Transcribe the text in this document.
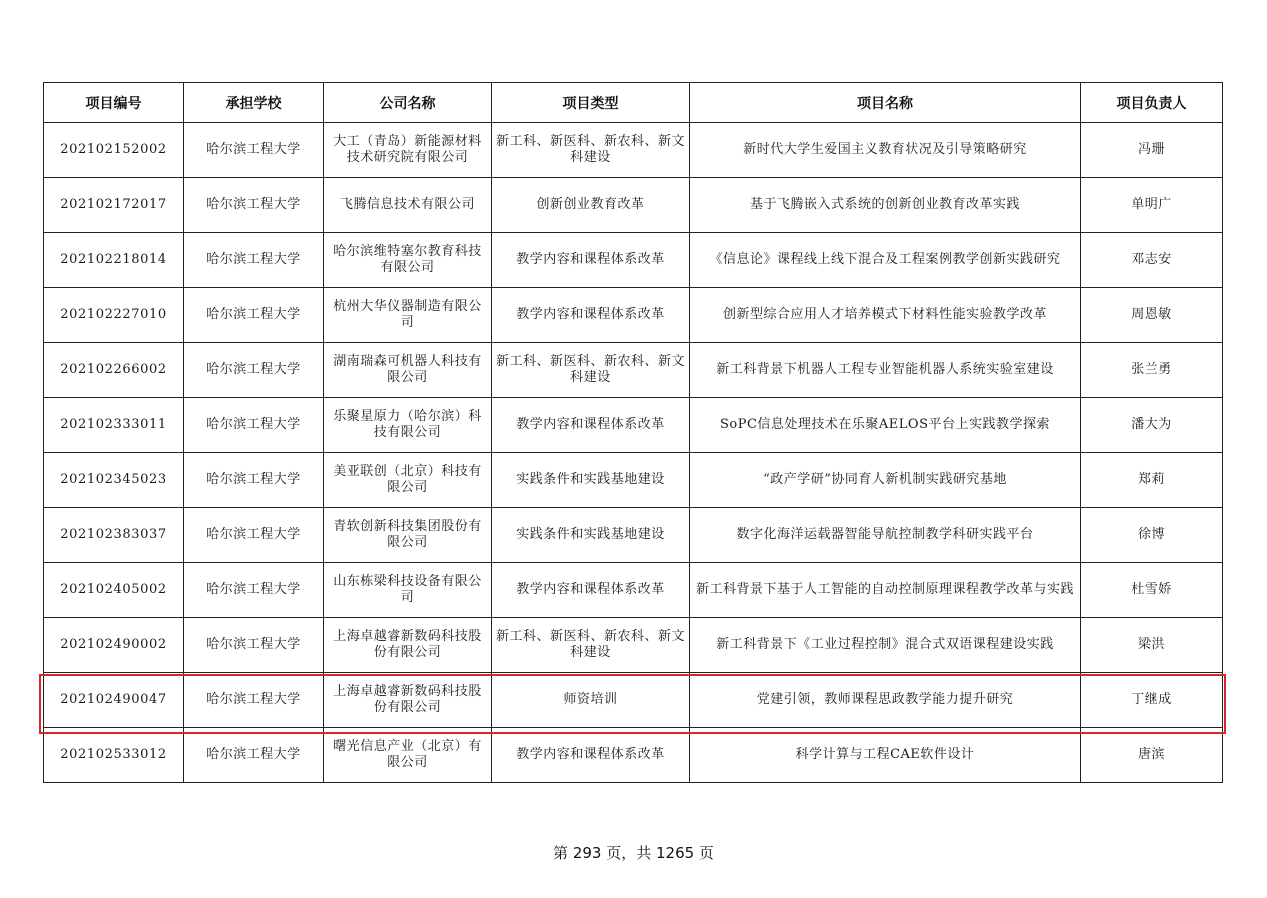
项目编号	承担学校	公司名称	项目类型	项目名称	项目负责人
202102152002	哈尔滨工程大学	大工（青岛）新能源材料技术研究院有限公司	新工科、新医科、新农科、新文科建设	新时代大学生爱国主义教育状况及引导策略研究	冯珊
202102172017	哈尔滨工程大学	飞腾信息技术有限公司	创新创业教育改革	基于飞腾嵌入式系统的创新创业教育改革实践	单明广
202102218014	哈尔滨工程大学	哈尔滨维特塞尔教育科技有限公司	教学内容和课程体系改革	《信息论》课程线上线下混合及工程案例教学创新实践研究	邓志安
202102227010	哈尔滨工程大学	杭州大华仪器制造有限公司	教学内容和课程体系改革	创新型综合应用人才培养模式下材料性能实验教学改革	周恩敏
202102266002	哈尔滨工程大学	湖南瑞森可机器人科技有限公司	新工科、新医科、新农科、新文科建设	新工科背景下机器人工程专业智能机器人系统实验室建设	张兰勇
202102333011	哈尔滨工程大学	乐聚星原力（哈尔滨）科技有限公司	教学内容和课程体系改革	SoPC信息处理技术在乐聚AELOS平台上实践教学探索	潘大为
202102345023	哈尔滨工程大学	美亚联创（北京）科技有限公司	实践条件和实践基地建设	“政产学研”协同育人新机制实践研究基地	郑莉
202102383037	哈尔滨工程大学	青软创新科技集团股份有限公司	实践条件和实践基地建设	数字化海洋运载器智能导航控制教学科研实践平台	徐博
202102405002	哈尔滨工程大学	山东栋梁科技设备有限公司	教学内容和课程体系改革	新工科背景下基于人工智能的自动控制原理课程教学改革与实践	杜雪娇
202102490002	哈尔滨工程大学	上海卓越睿新数码科技股份有限公司	新工科、新医科、新农科、新文科建设	新工科背景下《工业过程控制》混合式双语课程建设实践	梁洪
202102490047	哈尔滨工程大学	上海卓越睿新数码科技股份有限公司	师资培训	党建引领，教师课程思政教学能力提升研究	丁继成
202102533012	哈尔滨工程大学	曙光信息产业（北京）有限公司	教学内容和课程体系改革	科学计算与工程CAE软件设计	唐滨
第 293 页，共 1265 页
